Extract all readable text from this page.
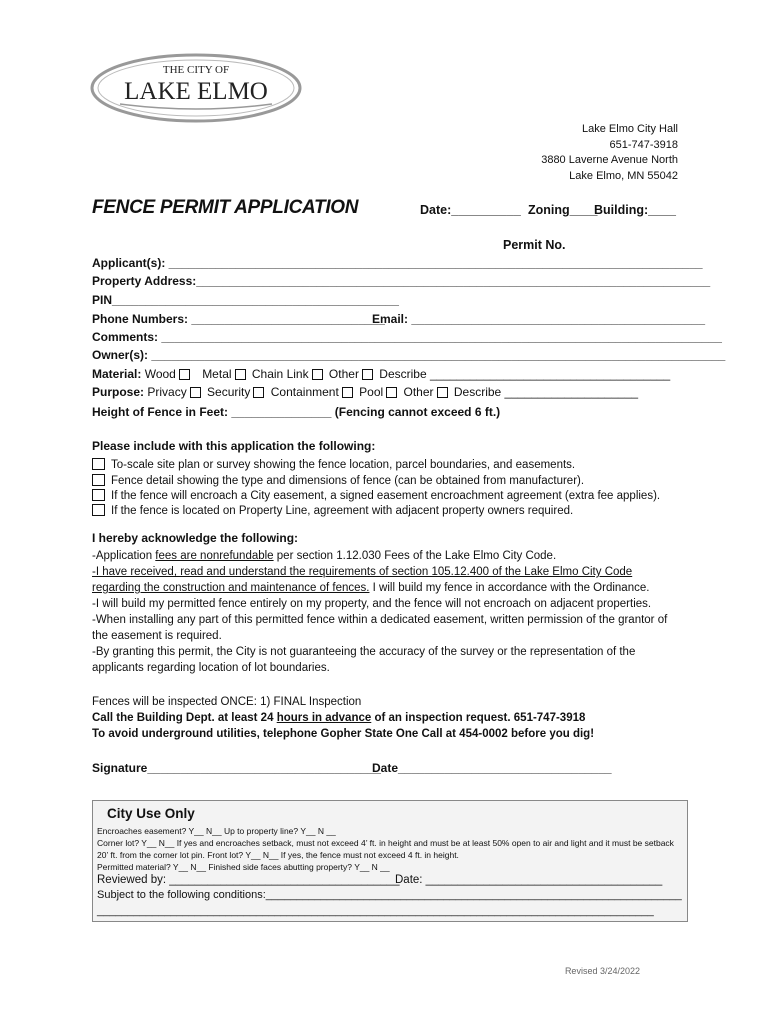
THE CITY OF
LAKE ELMO
Lake Elmo City Hall
651-747-3918
3880 Laverne Avenue North
Lake Elmo, MN 55042
FENCE PERMIT APPLICATION	Date:__________ Zoning____
Building:____
Permit No.
Applicant(s): ________________________________________________________________________________
Property Address:_____________________________________________________________________________
PIN___________________________________________
Phone Numbers: _____________________________
Email: ____________________________________________
Comments: ____________________________________________________________________________________
Owner(s): ______________________________________________________________________________________
Material: Wood Metal Chain Link Other Describe ____________________________________
Purpose: Privacy Security Containment Pool Other Describe ____________________
Height of Fence in Feet: _______________ (Fencing cannot exceed 6 ft.)
Please include with this application the following:
To-scale site plan or survey showing the fence location, parcel boundaries, and easements.
Fence detail showing the type and dimensions of fence (can be obtained from manufacturer).
If the fence will encroach a City easement, a signed easement encroachment agreement (extra fee applies).
If the fence is located on Property Line, agreement with adjacent property owners required.
I hereby acknowledge the following:
-Application fees are nonrefundable per section 1.12.030 Fees of the Lake Elmo City Code.
-I have received, read and understand the requirements of section 105.12.400 of the Lake Elmo City Code
regarding the construction and maintenance of fences. I will build my fence in accordance with the Ordinance.
-I will build my permitted fence entirely on my property, and the fence will not encroach on adjacent properties.
-When installing any part of this permitted fence within a dedicated easement, written permission of the grantor of the easement is required.
-By granting this permit, the City is not guaranteeing the accuracy of the survey or the representation of the applicants regarding location of lot boundaries.
Fences will be inspected ONCE: 1) FINAL Inspection
Call the Building Dept. at least 24 hours in advance of an inspection request. 651-747-3918
To avoid underground utilities, telephone Gopher State One Call at 454-0002 before you dig!
Signature___________________________________
Date________________________________
City Use Only
Encroaches easement? Y__ N__ Up to property line? Y__ N __
Corner lot? Y__ N__ If yes and encroaches setback, must not exceed 4’ ft. in height and must be at least 50% open to air and light and it must be setback
20’ ft. from the corner lot pin. Front lot? Y__ N__ If yes, the fence must not exceed 4 ft. in height.
Permitted material? Y__ N__ Finished side faces abutting property? Y__ N __
Reviewed by: ____________________________________
Date: _____________________________________
Subject to the following conditions:____________________________________________________________________
___________________________________________________________________________________________
Revised 3/24/2022
